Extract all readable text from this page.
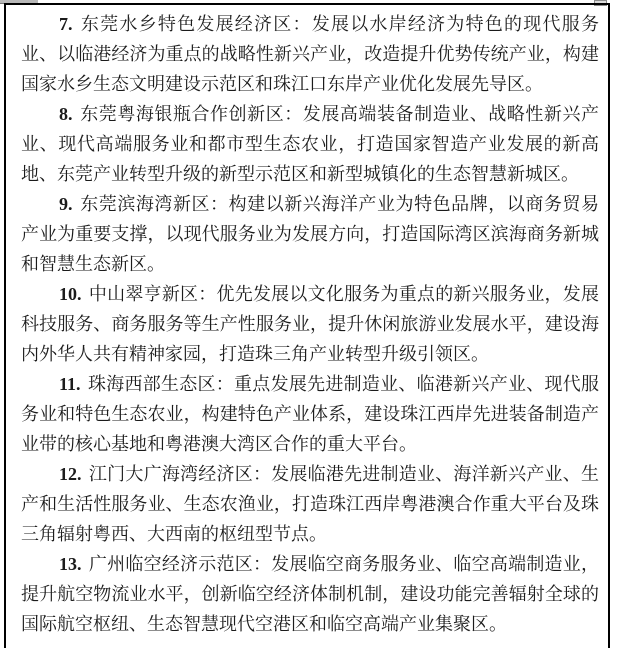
7. 东莞水乡特色发展经济区：发展以水岸经济为特色的现代服务业、以临港经济为重点的战略性新兴产业，改造提升优势传统产业，构建国家水乡生态文明建设示范区和珠江口东岸产业优化发展先导区。

8. 东莞粤海银瓶合作创新区：发展高端装备制造业、战略性新兴产业、现代高端服务业和都市型生态农业，打造国家智造产业发展的新高地、东莞产业转型升级的新型示范区和新型城镇化的生态智慧新城区。

9. 东莞滨海湾新区：构建以新兴海洋产业为特色品牌，以商务贸易产业为重要支撑，以现代服务业为发展方向，打造国际湾区滨海商务新城和智慧生态新区。

10. 中山翠亨新区：优先发展以文化服务为重点的新兴服务业，发展科技服务、商务服务等生产性服务业，提升休闲旅游业发展水平，建设海内外华人共有精神家园，打造珠三角产业转型升级引领区。

11. 珠海西部生态区：重点发展先进制造业、临港新兴产业、现代服务业和特色生态农业，构建特色产业体系，建设珠江西岸先进装备制造产业带的核心基地和粤港澳大湾区合作的重大平台。

12. 江门大广海湾经济区：发展临港先进制造业、海洋新兴产业、生产和生活性服务业、生态农渔业，打造珠江西岸粤港澳合作重大平台及珠三角辐射粤西、大西南的枢纽型节点。

13. 广州临空经济示范区：发展临空商务服务业、临空高端制造业，提升航空物流业水平，创新临空经济体制机制，建设功能完善辐射全球的国际航空枢纽、生态智慧现代空港区和临空高端产业集聚区。
